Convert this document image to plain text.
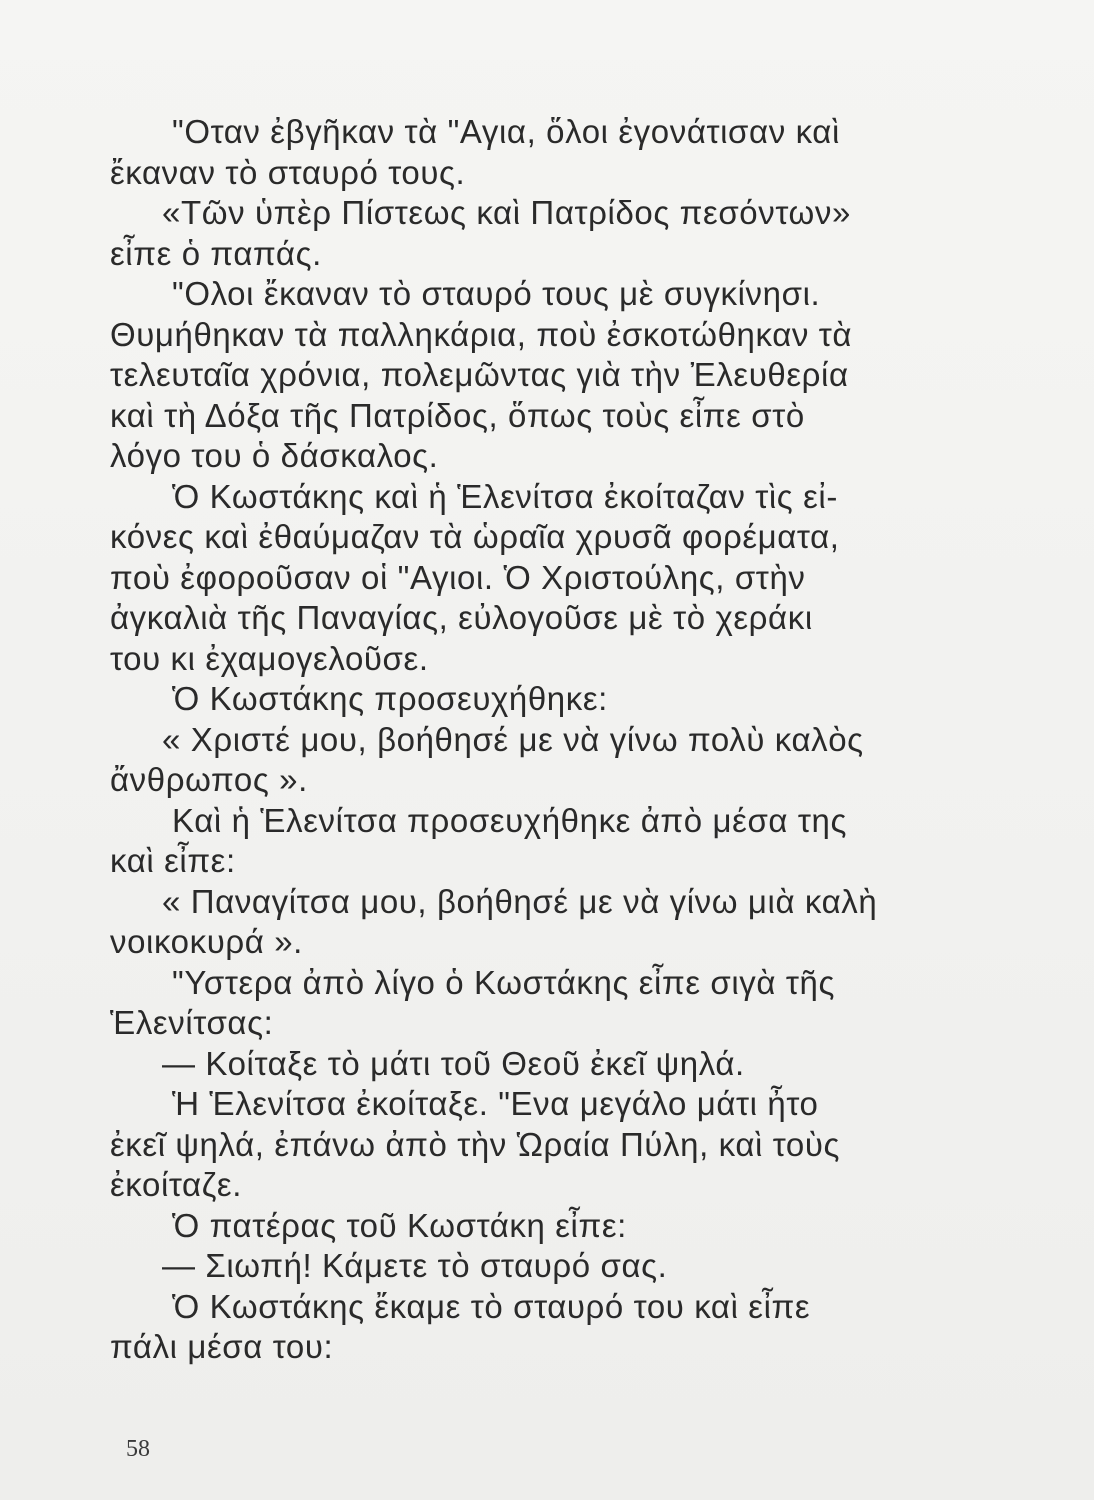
"Οταν ἐβγῆκαν τὰ "Αγια, ὅλοι ἐγονάτισαν καὶ
ἔκαναν τὸ σταυρό τους.
«Τῶν ὑπὲρ Πίστεως καὶ Πατρίδος πεσόντων»
εἶπε ὁ παπάς.
"Ολοι ἔκαναν τὸ σταυρό τους μὲ συγκίνησι.
Θυμήθηκαν τὰ παλληκάρια, ποὺ ἐσκοτώθηκαν τὰ
τελευταῖα χρόνια, πολεμῶντας γιὰ τὴν Ἐλευθερία
καὶ τὴ Δόξα τῆς Πατρίδος, ὅπως τοὺς εἶπε στὸ
λόγο του ὁ δάσκαλος.
Ὁ Κωστάκης καὶ ἡ Ἑλενίτσα ἐκοίταζαν τὶς εἰ-
κόνες καὶ ἐθαύμαζαν τὰ ὡραῖα χρυσᾶ φορέματα,
ποὺ ἐφοροῦσαν οἱ "Αγιοι. Ὁ Χριστούλης, στὴν
ἀγκαλιὰ τῆς Παναγίας, εὐλογοῦσε μὲ τὸ χεράκι
του κι ἐχαμογελοῦσε.
Ὁ Κωστάκης προσευχήθηκε:
« Χριστέ μου, βοήθησέ με νὰ γίνω πολὺ καλὸς
ἄνθρωπος ».
Καὶ ἡ Ἑλενίτσα προσευχήθηκε ἀπὸ μέσα της
καὶ εἶπε:
« Παναγίτσα μου, βοήθησέ με νὰ γίνω μιὰ καλὴ
νοικοκυρά ».
"Υστερα ἀπὸ λίγο ὁ Κωστάκης εἶπε σιγὰ τῆς
Ἑλενίτσας:
— Κοίταξε τὸ μάτι τοῦ Θεοῦ ἐκεῖ ψηλά.
Ἡ Ἑλενίτσα ἐκοίταξε. "Ενα μεγάλο μάτι ἦτο
ἐκεῖ ψηλά, ἐπάνω ἀπὸ τὴν Ὡραία Πύλη, καὶ τοὺς
ἐκοίταζε.
Ὁ πατέρας τοῦ Κωστάκη εἶπε:
— Σιωπή! Κάμετε τὸ σταυρό σας.
Ὁ Κωστάκης ἔκαμε τὸ σταυρό του καὶ εἶπε
πάλι μέσα του:
58
